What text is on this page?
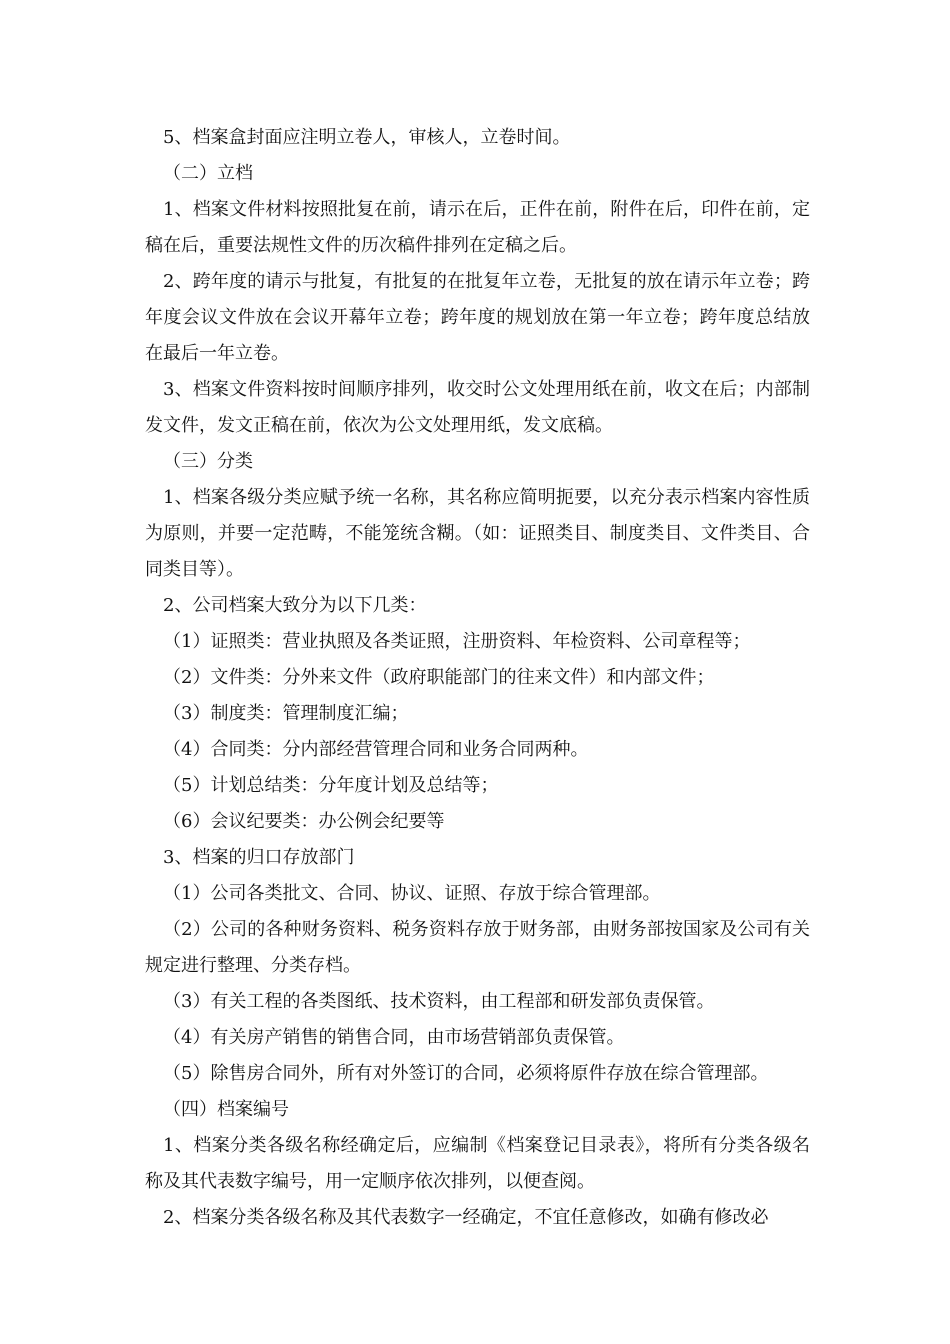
5、档案盒封面应注明立卷人，审核人，立卷时间。

（二）立档

1、档案文件材料按照批复在前，请示在后，正件在前，附件在后，印件在前，定稿在后，重要法规性文件的历次稿件排列在定稿之后。

2、跨年度的请示与批复，有批复的在批复年立卷，无批复的放在请示年立卷；跨年度会议文件放在会议开幕年立卷；跨年度的规划放在第一年立卷；跨年度总结放在最后一年立卷。

3、档案文件资料按时间顺序排列，收交时公文处理用纸在前，收文在后；内部制发文件，发文正稿在前，依次为公文处理用纸，发文底稿。

（三）分类

1、档案各级分类应赋予统一名称，其名称应简明扼要，以充分表示档案内容性质为原则，并要一定范畴，不能笼统含糊。（如：证照类目、制度类目、文件类目、合同类目等）。

2、公司档案大致分为以下几类：

（1）证照类：营业执照及各类证照，注册资料、年检资料、公司章程等；

（2）文件类：分外来文件（政府职能部门的往来文件）和内部文件；

（3）制度类：管理制度汇编；

（4）合同类：分内部经营管理合同和业务合同两种。

（5）计划总结类：分年度计划及总结等；

（6）会议纪要类：办公例会纪要等

3、档案的归口存放部门

（1）公司各类批文、合同、协议、证照、存放于综合管理部。

（2）公司的各种财务资料、税务资料存放于财务部，由财务部按国家及公司有关规定进行整理、分类存档。

（3）有关工程的各类图纸、技术资料，由工程部和研发部负责保管。

（4）有关房产销售的销售合同，由市场营销部负责保管。

（5）除售房合同外，所有对外签订的合同，必须将原件存放在综合管理部。

（四）档案编号

1、档案分类各级名称经确定后，应编制《档案登记目录表》，将所有分类各级名称及其代表数字编号，用一定顺序依次排列，以便查阅。

2、档案分类各级名称及其代表数字一经确定，不宜任意修改，如确有修改必
